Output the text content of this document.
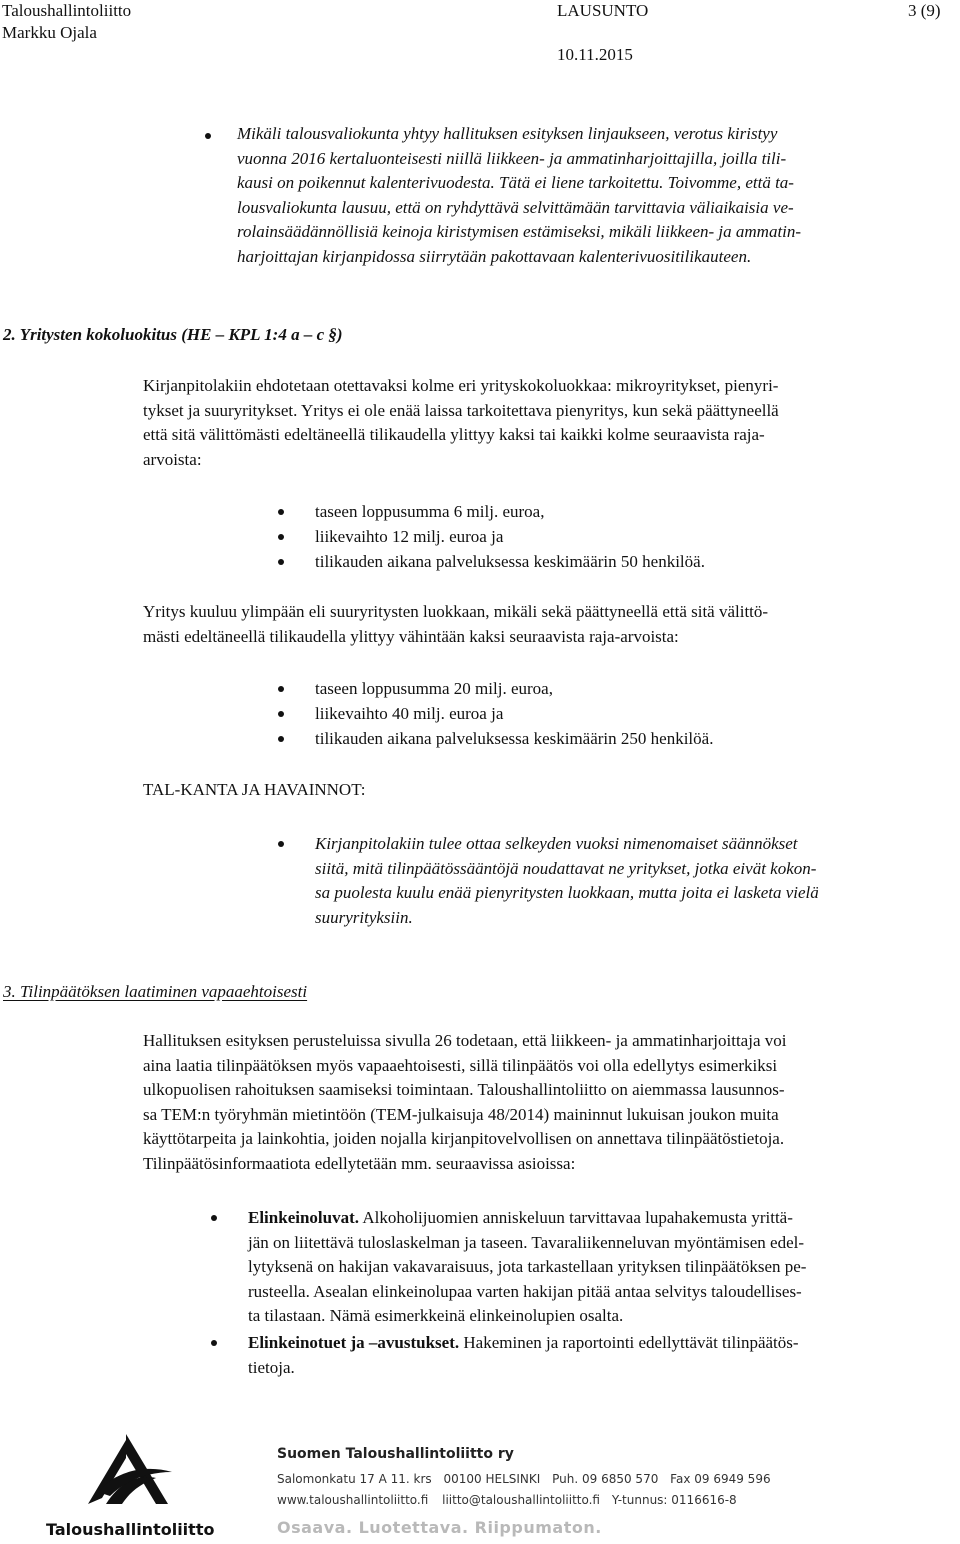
Taloushallintoliitto
Markku Ojala
LAUSUNTO
10.11.2015
3 (9)
Mikäli talousvaliokunta yhtyy hallituksen esityksen linjaukseen, verotus kiristyy
vuonna 2016 kertaluonteisesti niillä liikkeen- ja ammatinharjoittajilla, joilla tili-
kausi on poikennut kalenterivuodesta. Tätä ei liene tarkoitettu. Toivomme, että ta-
lousvaliokunta lausuu, että on ryhdyttävä selvittämään tarvittavia väliaikaisia ve-
rolainsäädännöllisiä keinoja kiristymisen estämiseksi, mikäli liikkeen- ja ammatin-
harjoittajan kirjanpidossa siirrytään pakottavaan kalenterivuositilikauteen.
2. Yritysten kokoluokitus (HE – KPL 1:4 a – c §)
Kirjanpitolakiin ehdotetaan otettavaksi kolme eri yrityskokoluokkaa: mikroyritykset, pienyri-
tykset ja suuryritykset. Yritys ei ole enää laissa tarkoitettava pienyritys, kun sekä päättyneellä
että sitä välittömästi edeltäneellä tilikaudella ylittyy kaksi tai kaikki kolme seuraavista raja-
arvoista:
taseen loppusumma 6 milj. euroa,
liikevaihto 12 milj. euroa ja
tilikauden aikana palveluksessa keskimäärin 50 henkilöä.
Yritys kuuluu ylimpään eli suuryritysten luokkaan, mikäli sekä päättyneellä että sitä välittö-
mästi edeltäneellä tilikaudella ylittyy vähintään kaksi seuraavista raja-arvoista:
taseen loppusumma 20 milj. euroa,
liikevaihto 40 milj. euroa ja
tilikauden aikana palveluksessa keskimäärin 250 henkilöä.
TAL-KANTA JA HAVAINNOT:
Kirjanpitolakiin tulee ottaa selkeyden vuoksi nimenomaiset säännökset
siitä, mitä tilinpäätössääntöjä noudattavat ne yritykset, jotka eivät kokon-
sa puolesta kuulu enää pienyritysten luokkaan, mutta joita ei lasketa vielä
suuryrityksiin.
3. Tilinpäätöksen laatiminen vapaaehtoisesti
Hallituksen esityksen perusteluissa sivulla 26 todetaan, että liikkeen- ja ammatinharjoittaja voi
aina laatia tilinpäätöksen myös vapaaehtoisesti, sillä tilinpäätös voi olla edellytys esimerkiksi
ulkopuolisen rahoituksen saamiseksi toimintaan. Taloushallintoliitto on aiemmassa lausunnos-
sa TEM:n työryhmän mietintöön (TEM-julkaisuja 48/2014) maininnut lukuisan joukon muita
käyttötarpeita ja lainkohtia, joiden nojalla kirjanpitovelvollisen on annettava tilinpäätöstietoja.
Tilinpäätösinformaatiota edellytetään mm. seuraavissa asioissa:
Elinkeinoluvat. Alkoholijuomien anniskeluun tarvittavaa lupahakemusta yrittä-
jän on liitettävä tuloslaskelman ja taseen. Tavaraliikenneluvan myöntämisen edel-
lytyksenä on hakijan vakavaraisuus, jota tarkastellaan yrityksen tilinpäätöksen pe-
rusteella. Asealan elinkeinolupaa varten hakijan pitää antaa selvitys taloudellises-
ta tilastaan. Nämä esimerkkeinä elinkeinolupien osalta.
Elinkeinotuet ja –avustukset. Hakeminen ja raportointi edellyttävät tilinpäätös-
tietoja.
Taloushallintoliitto
Suomen Taloushallintoliitto ry
Salomonkatu 17 A 11. krs 00100 HELSINKI Puh. 09 6850 570 Fax 09 6949 596
www.taloushallintoliitto.fi liitto@taloushallintoliitto.fi Y-tunnus: 0116616-8
Osaava. Luotettava. Riippumaton.
